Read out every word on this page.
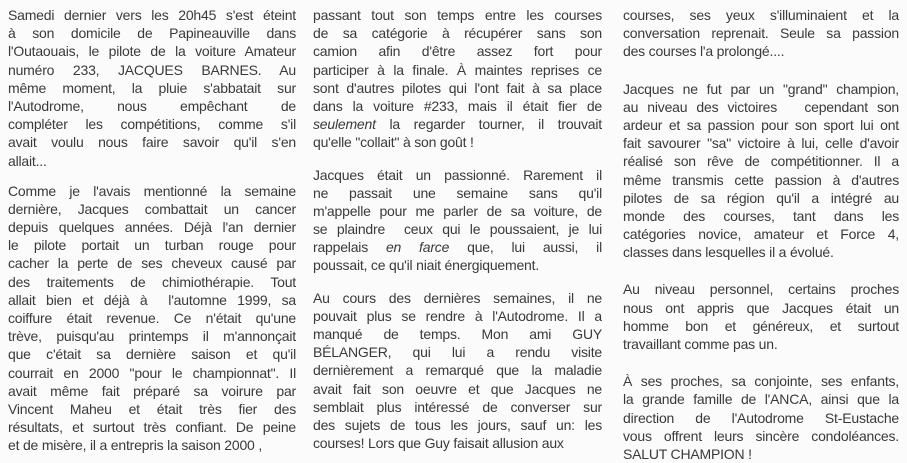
Samedi dernier vers les 20h45 s'est éteint
à son domicile de Papineauville dans
l'Outaouais, le pilote de la voiture Amateur
numéro 233, JACQUES BARNES. Au
même moment, la pluie s'abbatait sur
l'Autodrome, nous empêchant de
compléter les compétitions, comme s'il
avait voulu nous faire savoir qu'il s'en
allait...
Comme je l'avais mentionné la semaine
dernière, Jacques combattait un cancer
depuis quelques années. Déjà l'an dernier
le pilote portait un turban rouge pour
cacher la perte de ses cheveux causé par
des traitements de chimiothérapie. Tout
allait bien et déjà à  l'automne 1999, sa
coiffure était revenue. Ce n'était qu'une
trève, puisqu'au printemps il m'annonçait
que c'était sa dernière saison et qu'il
courrait en 2000 "pour le championnat". Il
avait même fait préparé sa voirure par
Vincent Maheu et était très fier des
résultats, et surtout très confiant. De peine
et de misère, il a entrepris la saison 2000 ,
passant tout son temps entre les courses
de sa catégorie à récupérer sans son
camion afin d'être assez fort pour
participer à la finale. À maintes reprises ce
sont d'autres pilotes qui l'ont fait à sa place
dans la voiture #233, mais il était fier de
seulement la regarder tourner, il trouvait
qu'elle "collait" à son goût !
Jacques était un passionné. Rarement il
ne passait une semaine sans qu'il
m'appelle pour me parler de sa voiture, de
se plaindre  ceux qui le poussaient, je lui
rappelais en farce que, lui aussi, il
poussait, ce qu'il niait énergiquement.
Au cours des dernières semaines, il ne
pouvait plus se rendre à l'Autodrome. Il a
manqué de temps. Mon ami GUY
BÉLANGER, qui lui a rendu visite
dernièrement a remarqué que la maladie
avait fait son oeuvre et que Jacques ne
semblait plus intéressé de converser sur
des sujets de tous les jours, sauf un: les
courses! Lors que Guy faisait allusion aux
courses, ses yeux s'illuminaient et la
conversation reprenait. Seule sa passion
des courses l'a prolongé....
Jacques ne fut par un "grand" champion,
au niveau des victoires   cependant son
ardeur et sa passion pour son sport lui ont
fait savourer "sa" victoire à lui, celle d'avoir
réalisé son rêve de compétitionner. Il a
même transmis cette passion à d'autres
pilotes de sa région qu'il a intégré au
monde des courses, tant dans les
catégories novice, amateur et Force 4,
classes dans lesquelles il a évolué.
Au niveau personnel, certains proches
nous ont appris que Jacques était un
homme bon et généreux, et surtout
travaillant comme pas un.
À ses proches, sa conjointe, ses enfants,
la grande famille de l'ANCA, ainsi que la
direction de l'Autodrome St-Eustache
vous offrent leurs sincère condoléances.
SALUT CHAMPION !
